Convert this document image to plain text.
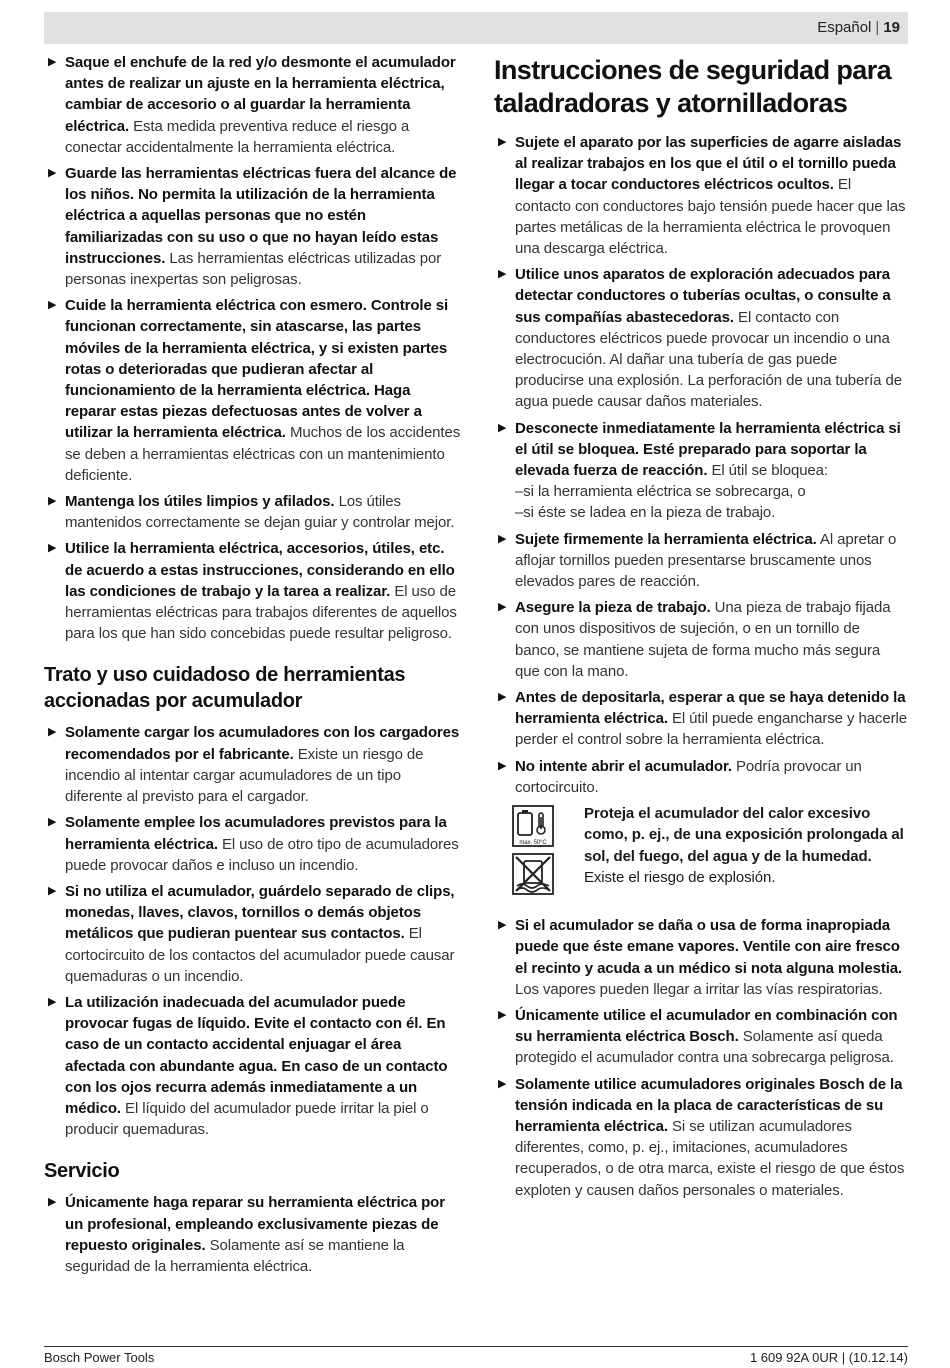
Español | 19
▶ Saque el enchufe de la red y/o desmonte el acumulador antes de realizar un ajuste en la herramienta eléctrica, cambiar de accesorio o al guardar la herramienta eléctrica. Esta medida preventiva reduce el riesgo a conectar accidentalmente la herramienta eléctrica.
▶ Guarde las herramientas eléctricas fuera del alcance de los niños. No permita la utilización de la herramienta eléctrica a aquellas personas que no estén familiarizadas con su uso o que no hayan leído estas instrucciones. Las herramientas eléctricas utilizadas por personas inexpertas son peligrosas.
▶ Cuide la herramienta eléctrica con esmero. Controle si funcionan correctamente, sin atascarse, las partes móviles de la herramienta eléctrica, y si existen partes rotas o deterioradas que pudieran afectar al funcionamiento de la herramienta eléctrica. Haga reparar estas piezas defectuosas antes de volver a utilizar la herramienta eléctrica. Muchos de los accidentes se deben a herramientas eléctricas con un mantenimiento deficiente.
▶ Mantenga los útiles limpios y afilados. Los útiles mantenidos correctamente se dejan guiar y controlar mejor.
▶ Utilice la herramienta eléctrica, accesorios, útiles, etc. de acuerdo a estas instrucciones, considerando en ello las condiciones de trabajo y la tarea a realizar. El uso de herramientas eléctricas para trabajos diferentes de aquellos para los que han sido concebidas puede resultar peligroso.
Trato y uso cuidadoso de herramientas accionadas por acumulador
▶ Solamente cargar los acumuladores con los cargadores recomendados por el fabricante. Existe un riesgo de incendio al intentar cargar acumuladores de un tipo diferente al previsto para el cargador.
▶ Solamente emplee los acumuladores previstos para la herramienta eléctrica. El uso de otro tipo de acumuladores puede provocar daños e incluso un incendio.
▶ Si no utiliza el acumulador, guárdelo separado de clips, monedas, llaves, clavos, tornillos o demás objetos metálicos que pudieran puentear sus contactos. El cortocircuito de los contactos del acumulador puede causar quemaduras o un incendio.
▶ La utilización inadecuada del acumulador puede provocar fugas de líquido. Evite el contacto con él. En caso de un contacto accidental enjuagar el área afectada con abundante agua. En caso de un contacto con los ojos recurra además inmediatamente a un médico. El líquido del acumulador puede irritar la piel o producir quemaduras.
Servicio
▶ Únicamente haga reparar su herramienta eléctrica por un profesional, empleando exclusivamente piezas de repuesto originales. Solamente así se mantiene la seguridad de la herramienta eléctrica.
Instrucciones de seguridad para taladradoras y atornilladoras
▶ Sujete el aparato por las superficies de agarre aisladas al realizar trabajos en los que el útil o el tornillo pueda llegar a tocar conductores eléctricos ocultos. El contacto con conductores bajo tensión puede hacer que las partes metálicas de la herramienta eléctrica le provoquen una descarga eléctrica.
▶ Utilice unos aparatos de exploración adecuados para detectar conductores o tuberías ocultas, o consulte a sus compañías abastecedoras. El contacto con conductores eléctricos puede provocar un incendio o una electrocución. Al dañar una tubería de gas puede producirse una explosión. La perforación de una tubería de agua puede causar daños materiales.
▶ Desconecte inmediatamente la herramienta eléctrica si el útil se bloquea. Esté preparado para soportar la elevada fuerza de reacción. El útil se bloquea:
–si la herramienta eléctrica se sobrecarga, o
–si éste se ladea en la pieza de trabajo.
▶ Sujete firmemente la herramienta eléctrica. Al apretar o aflojar tornillos pueden presentarse bruscamente unos elevados pares de reacción.
▶ Asegure la pieza de trabajo. Una pieza de trabajo fijada con unos dispositivos de sujeción, o en un tornillo de banco, se mantiene sujeta de forma mucho más segura que con la mano.
▶ Antes de depositarla, esperar a que se haya detenido la herramienta eléctrica. El útil puede engancharse y hacerle perder el control sobre la herramienta eléctrica.
▶ No intente abrir el acumulador. Podría provocar un cortocircuito.
max. 50°C
Proteja el acumulador del calor excesivo como, p. ej., de una exposición prolongada al sol, del fuego, del agua y de la humedad. Existe el riesgo de explosión.
▶ Si el acumulador se daña o usa de forma inapropiada puede que éste emane vapores. Ventile con aire fresco el recinto y acuda a un médico si nota alguna molestia. Los vapores pueden llegar a irritar las vías respiratorias.
▶ Únicamente utilice el acumulador en combinación con su herramienta eléctrica Bosch. Solamente así queda protegido el acumulador contra una sobrecarga peligrosa.
▶ Solamente utilice acumuladores originales Bosch de la tensión indicada en la placa de características de su herramienta eléctrica. Si se utilizan acumuladores diferentes, como, p. ej., imitaciones, acumuladores recuperados, o de otra marca, existe el riesgo de que éstos exploten y causen daños personales o materiales.
Bosch Power Tools	1 609 92A 0UR | (10.12.14)
